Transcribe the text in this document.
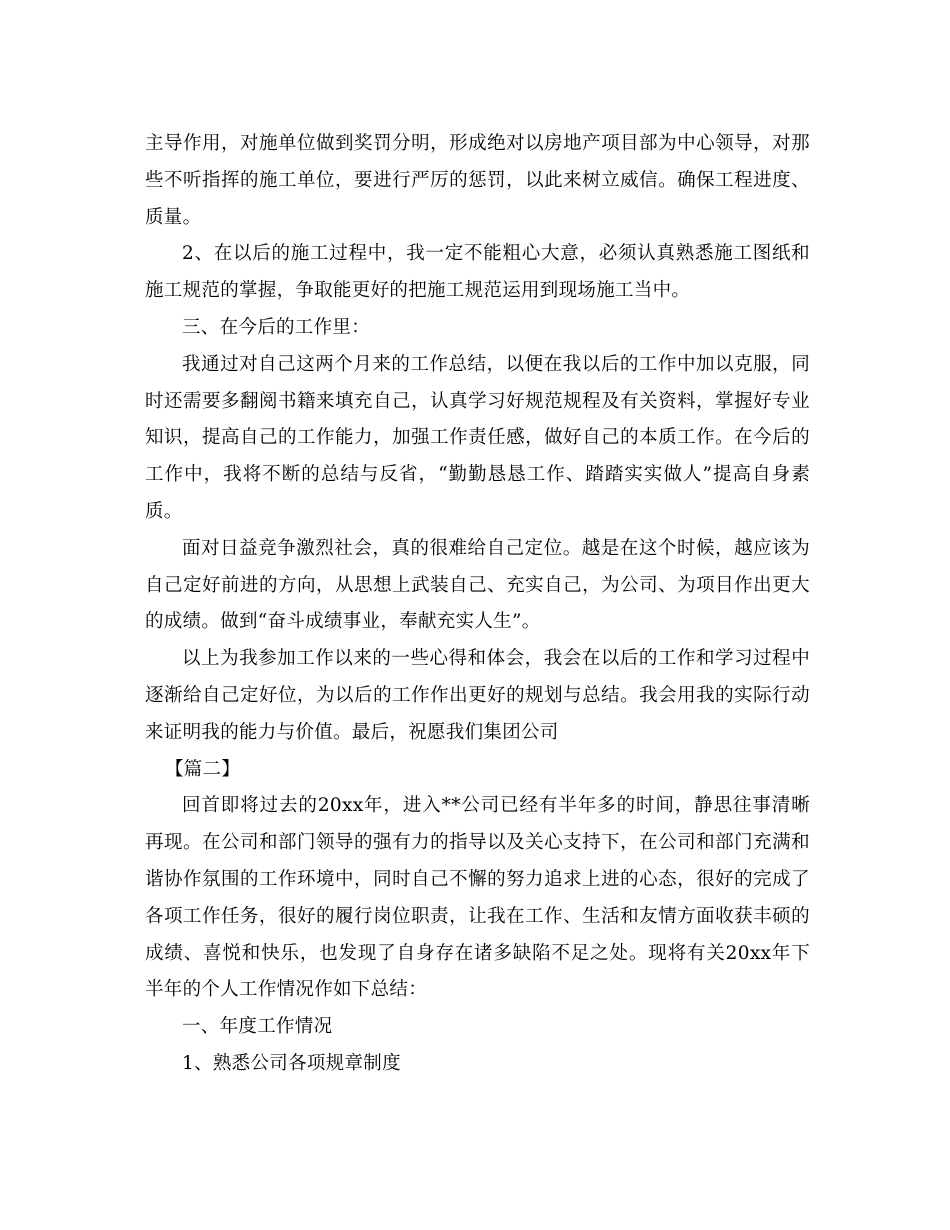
主导作用，对施单位做到奖罚分明，形成绝对以房地产项目部为中心领导，对那些不听指挥的施工单位，要进行严厉的惩罚，以此来树立威信。确保工程进度、质量。

2、在以后的施工过程中，我一定不能粗心大意，必须认真熟悉施工图纸和施工规范的掌握，争取能更好的把施工规范运用到现场施工当中。

三、在今后的工作里：

我通过对自己这两个月来的工作总结，以便在我以后的工作中加以克服，同时还需要多翻阅书籍来填充自己，认真学习好规范规程及有关资料，掌握好专业知识，提高自己的工作能力，加强工作责任感，做好自己的本质工作。在今后的工作中，我将不断的总结与反省，“勤勤恳恳工作、踏踏实实做人”提高自身素质。

面对日益竞争激烈社会，真的很难给自己定位。越是在这个时候，越应该为自己定好前进的方向，从思想上武装自己、充实自己，为公司、为项目作出更大的成绩。做到“奋斗成绩事业，奉献充实人生”。

以上为我参加工作以来的一些心得和体会，我会在以后的工作和学习过程中逐渐给自己定好位，为以后的工作作出更好的规划与总结。我会用我的实际行动来证明我的能力与价值。最后，祝愿我们集团公司

【篇二】

回首即将过去的20xx年，进入**公司已经有半年多的时间，静思往事清晰再现。在公司和部门领导的强有力的指导以及关心支持下，在公司和部门充满和谐协作氛围的工作环境中，同时自己不懈的努力追求上进的心态，很好的完成了各项工作任务，很好的履行岗位职责，让我在工作、生活和友情方面收获丰硕的成绩、喜悦和快乐，也发现了自身存在诸多缺陷不足之处。现将有关20xx年下半年的个人工作情况作如下总结：

一、年度工作情况

1、熟悉公司各项规章制度
